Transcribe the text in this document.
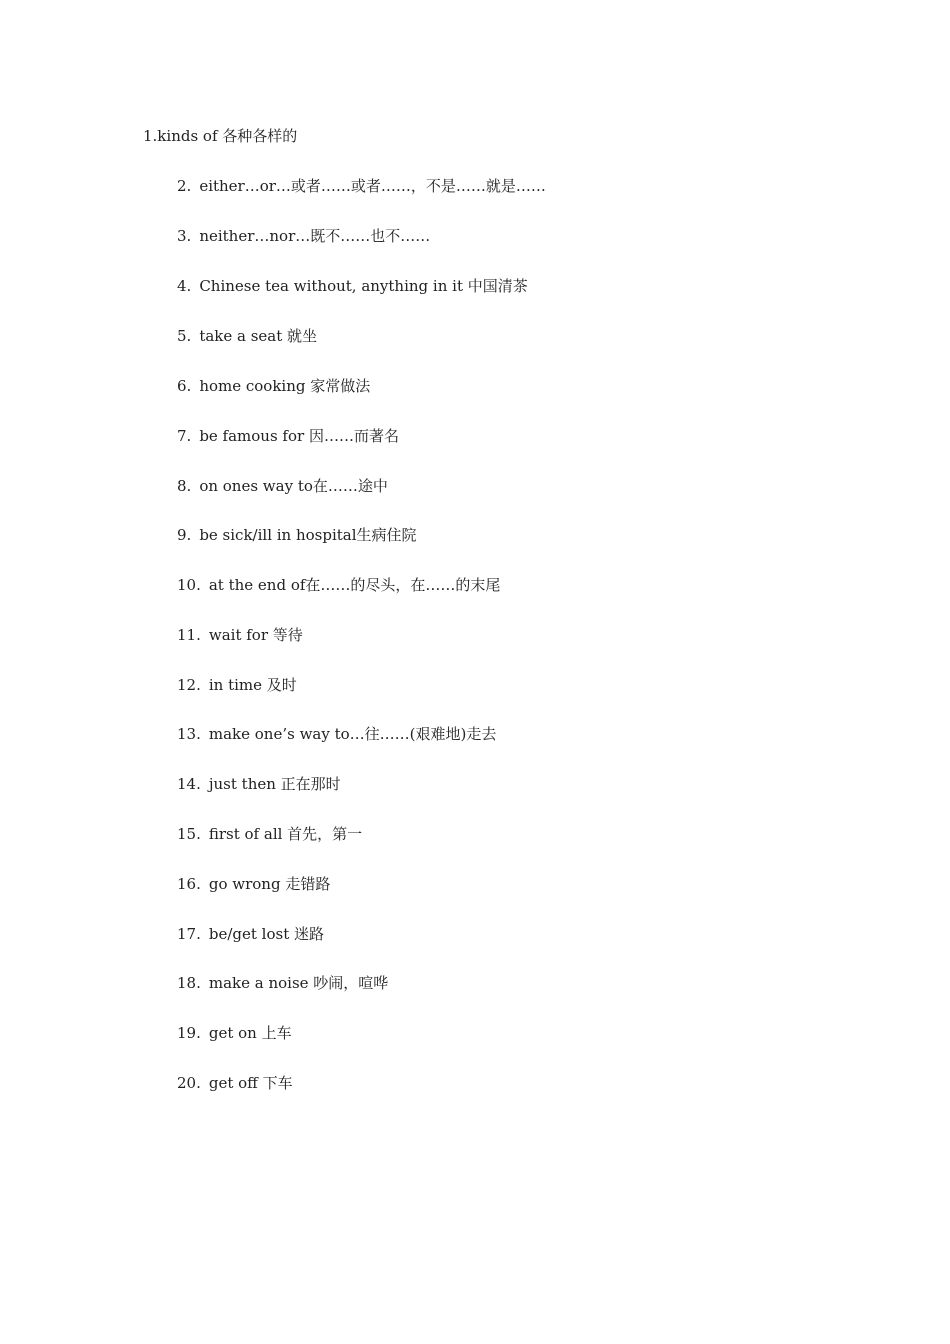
1.kinds of 各种各样的

2. either…or…或者……或者……，不是……就是……

3. neither…nor…既不……也不……

4. Chinese tea without, anything in it 中国清茶

5. take a seat 就坐

6. home cooking 家常做法

7. be famous for 因……而著名

8. on ones way to在……途中

9. be sick/ill in hospital生病住院

10. at the end of在……的尽头，在……的末尾

11. wait for 等待

12. in time 及时

13. make one’s way to…往……(艰难地)走去

14. just then 正在那时

15. first of all 首先，第一

16. go wrong 走错路

17. be/get lost 迷路

18. make a noise 吵闹，喧哗

19. get on 上车

20. get off 下车
